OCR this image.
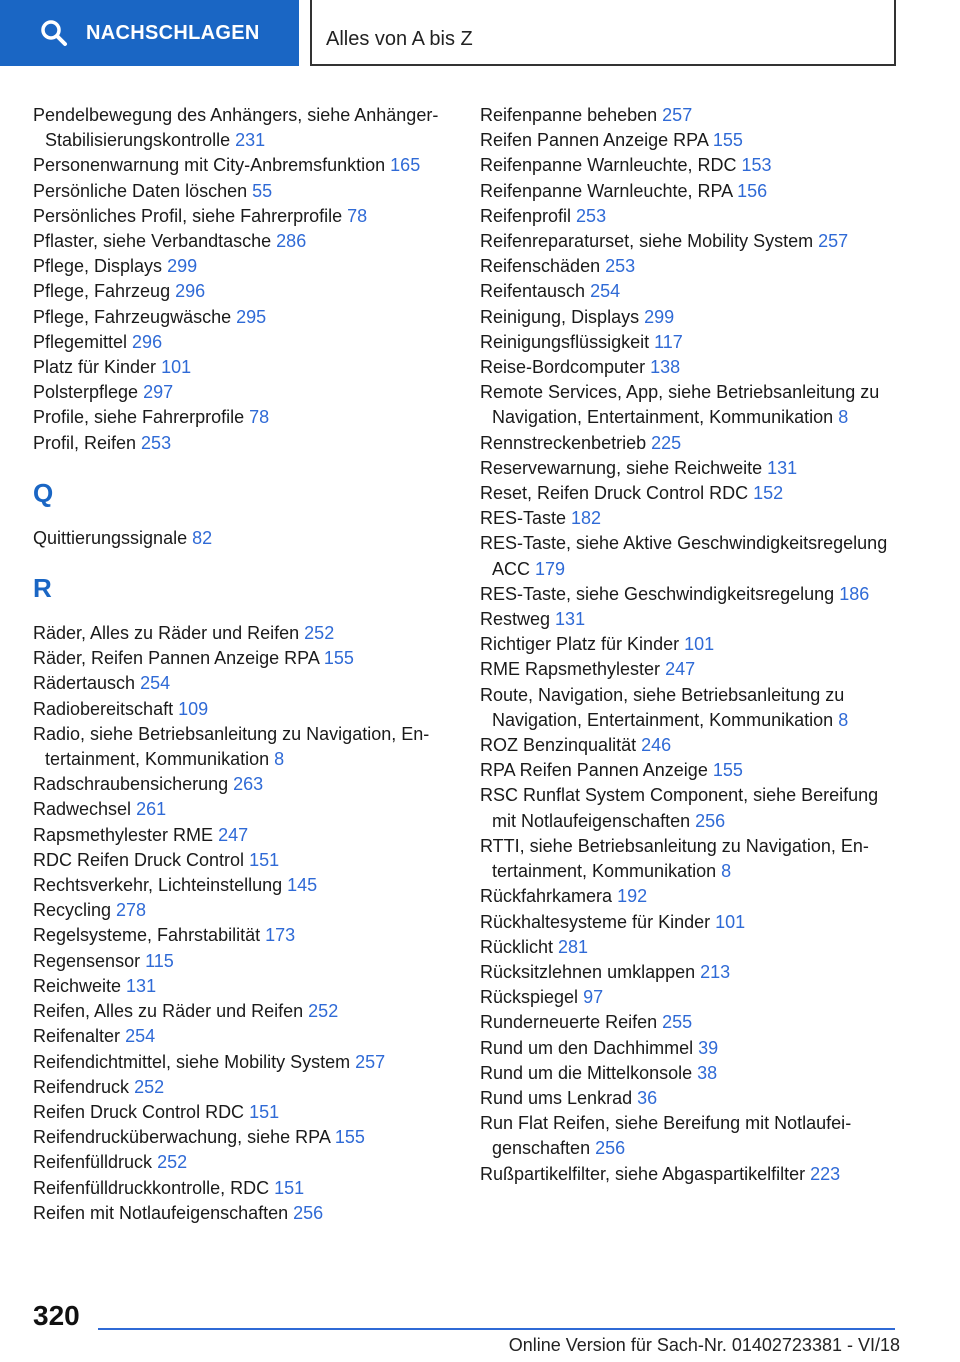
NACHSCHLAGEN	Alles von A bis Z
Pendelbewegung des Anhängers, siehe Anhänger-Stabilisierungskontrolle 231
Personenwarnung mit City-Anbremsfunktion 165
Persönliche Daten löschen 55
Persönliches Profil, siehe Fahrerprofile 78
Pflaster, siehe Verbandtasche 286
Pflege, Displays 299
Pflege, Fahrzeug 296
Pflege, Fahrzeugwäsche 295
Pflegemittel 296
Platz für Kinder 101
Polsterpflege 297
Profile, siehe Fahrerprofile 78
Profil, Reifen 253
Q
Quittierungssignale 82
R
Räder, Alles zu Räder und Reifen 252
Räder, Reifen Pannen Anzeige RPA 155
Rädertausch 254
Radiobereitschaft 109
Radio, siehe Betriebsanleitung zu Navigation, Entertainment, Kommunikation 8
Radschraubensicherung 263
Radwechsel 261
Rapsmethylester RME 247
RDC Reifen Druck Control 151
Rechtsverkehr, Lichteinstellung 145
Recycling 278
Regelsysteme, Fahrstabilität 173
Regensensor 115
Reichweite 131
Reifen, Alles zu Räder und Reifen 252
Reifenalter 254
Reifendichtmittel, siehe Mobility System 257
Reifendruck 252
Reifen Druck Control RDC 151
Reifendrucküberwachung, siehe RPA 155
Reifenfülldruck 252
Reifenfülldruckkontrolle, RDC 151
Reifen mit Notlaufeigenschaften 256
Reifenpanne beheben 257
Reifen Pannen Anzeige RPA 155
Reifenpanne Warnleuchte, RDC 153
Reifenpanne Warnleuchte, RPA 156
Reifenprofil 253
Reifenreparaturset, siehe Mobility System 257
Reifenschäden 253
Reifentausch 254
Reinigung, Displays 299
Reinigungsflüssigkeit 117
Reise-Bordcomputer 138
Remote Services, App, siehe Betriebsanleitung zu Navigation, Entertainment, Kommunikation 8
Rennstreckenbetrieb 225
Reservewarnung, siehe Reichweite 131
Reset, Reifen Druck Control RDC 152
RES-Taste 182
RES-Taste, siehe Aktive Geschwindigkeitsregelung ACC 179
RES-Taste, siehe Geschwindigkeitsregelung 186
Restweg 131
Richtiger Platz für Kinder 101
RME Rapsmethylester 247
Route, Navigation, siehe Betriebsanleitung zu Navigation, Entertainment, Kommunikation 8
ROZ Benzinqualität 246
RPA Reifen Pannen Anzeige 155
RSC Runflat System Component, siehe Bereifung mit Notlaufeigenschaften 256
RTTI, siehe Betriebsanleitung zu Navigation, Entertainment, Kommunikation 8
Rückfahrkamera 192
Rückhaltesysteme für Kinder 101
Rücklicht 281
Rücksitzlehnen umklappen 213
Rückspiegel 97
Runderneuerte Reifen 255
Rund um den Dachhimmel 39
Rund um die Mittelkonsole 38
Rund ums Lenkrad 36
Run Flat Reifen, siehe Bereifung mit Notlaufeigenschaften 256
Rußpartikelfilter, siehe Abgaspartikelfilter 223
320
Online Version für Sach-Nr. 01402723381 - VI/18
